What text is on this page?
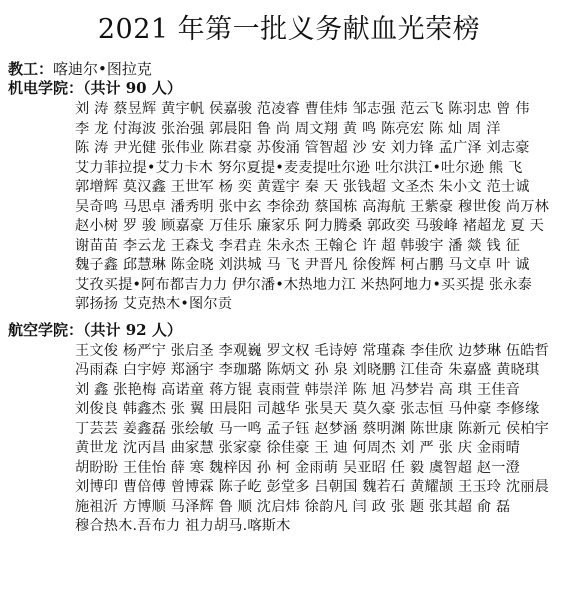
2021 年第一批义务献血光荣榜
教工：喀迪尔•图拉克
机电学院：（共计 90 人）
刘 涛 蔡昱辉 黄宇帆 侯嘉骏 范凌睿 曹佳炜 邹志强 范云飞 陈羽忠 曾 伟
李 龙 付海波 张治强 郭晨阳 鲁 尚 周文翔 黄 鸣 陈亮宏 陈 灿 周 洋
陈 涛 尹光健 张伟业 陈君豪 苏俊涌 管智超 沙 安 刘力锋 孟广泽 刘志豪
艾力菲拉提•艾力卡木 努尔夏提•麦麦提吐尔逊 吐尔洪江•吐尔逊 熊 飞
郭增辉 莫汉鑫 王世军 杨 奕 黄霆宇 秦 天 张钱超 文圣杰 朱小文 范士诚
吴奇鸣 马思卓 潘秀明 张中玄 李徐劲 蔡国栋 高海航 王紫豪 穆世俊 尚万林
赵小树 罗 骏 顾嘉豪 万佳乐 廉家乐 阿力腾桑 郭政奕 马骏峰 褚超龙 夏 天
谢苗苗 李云龙 王森戈 李君垚 朱永杰 王翰仑 许 超 韩骏宇 潘 燚 钱 征
魏子鑫 邱慧琳 陈金晓 刘洪城 马 飞 尹晋凡 徐俊辉 柯占鹏 马文卓 叶 诚
艾孜买提•阿布都吉力力 伊尔潘•木热地力江 米热阿地力•买买提 张永泰
郭扬扬 艾克热木•图尔贡
航空学院：（共计 92 人）
王文俊 杨严宁 张启圣 李观巍 罗文权 毛诗婷 常瑾森 李佳欣 边梦琳 伍皓哲
冯雨森 白宇婷 郑涵宇 李珈璐 陈炳文 孙 泉 刘晓鹏 江佳奇 朱嘉盛 黄晓琪
刘 鑫 张艳梅 高诺童 蒋方锟 袁雨萱 韩崇洋 陈 旭 冯梦岩 高 琪 王佳音
刘俊良 韩鑫杰 张 翼 田晨阳 司越华 张昊天 莫久豪 张志恒 马仲豪 李修缘
丁芸芸 姜鑫磊 张绘敏 马一鸣 孟子钰 赵梦涵 蔡明渊 陈世康 陈新元 侯柏宇
黄世龙 沈丙昌 曲家慧 张家豪 徐佳豪 王 迪 何周杰 刘 严 张 庆 金雨晴
胡盼盼 王佳怡 薛 寒 魏梓因 孙 柯 金雨萌 吴亚昭 任 毅 虞智超 赵一澄
刘博印 曹倍傅 曾博霖 陈子屹 彭堂多 吕朝国 魏若石 黄耀颉 王玉玲 沈丽晨
施祖沂 方博顺 马泽辉 鲁 顺 沈启炜 徐韵凡 闫 政 张 题 张其超 俞 磊
穆合热木.吾布力 祖力胡马.喀斯木
